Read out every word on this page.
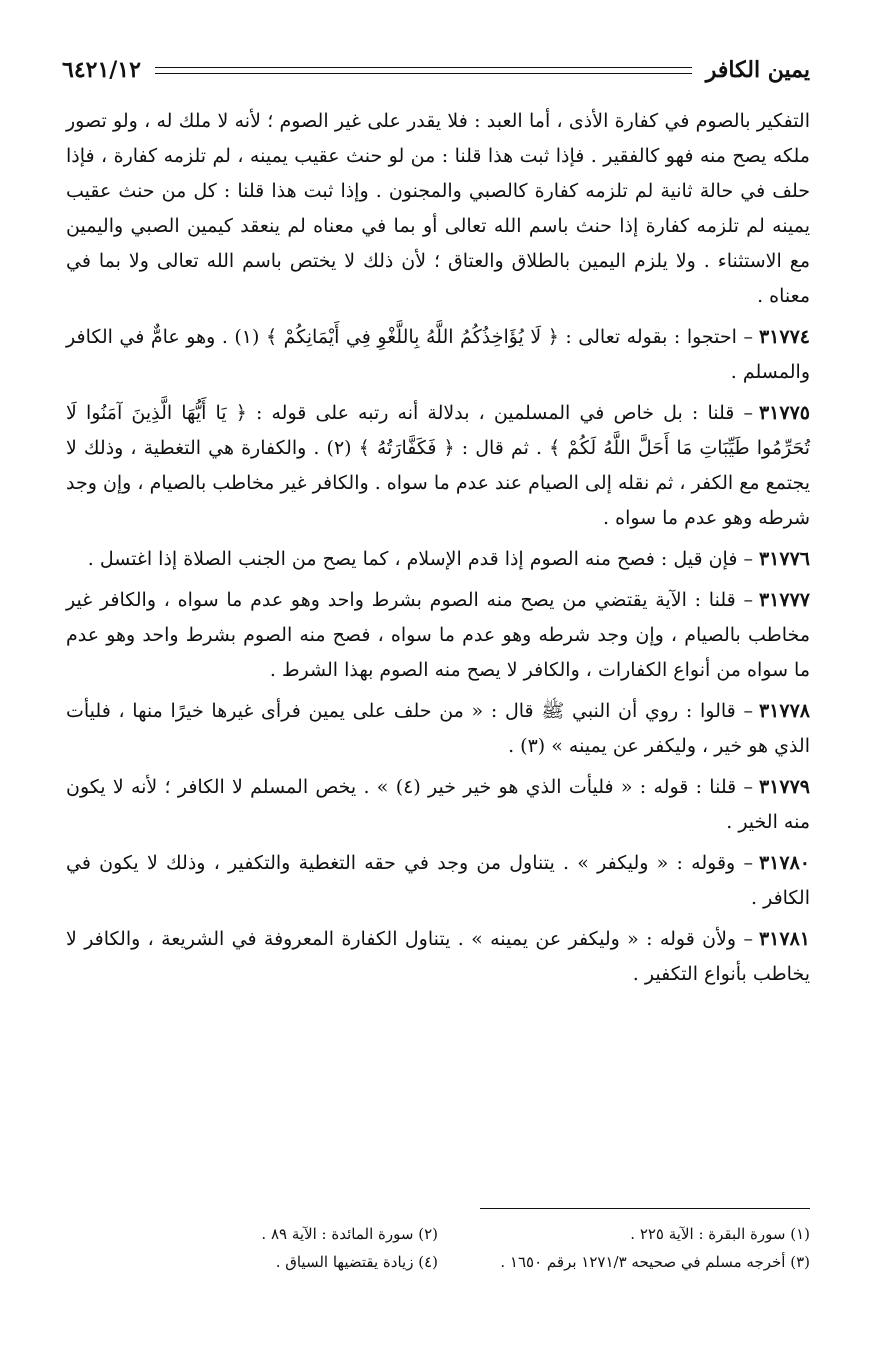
يمين الكافر
٦٤٢١/١٢

التفكير بالصوم في كفارة الأذى ، أما العبد : فلا يقدر على غير الصوم ؛ لأنه لا ملك له ، ولو تصور ملكه يصح منه فهو كالفقير . فإذا ثبت هذا قلنا : من لو حنث عقيب يمينه ، لم تلزمه كفارة ، فإذا حلف في حالة ثانية لم تلزمه كفارة كالصبي والمجنون . وإذا ثبت هذا قلنا : كل من حنث عقيب يمينه لم تلزمه كفارة إذا حنث باسم الله تعالى أو بما في معناه لم ينعقد كيمين الصبي واليمين مع الاستثناء . ولا يلزم اليمين بالطلاق والعتاق ؛ لأن ذلك لا يختص باسم الله تعالى ولا بما في معناه .

٣١٧٧٤– احتجوا : بقوله تعالى : ﴿ لَا يُؤَاخِذُكُمُ اللَّهُ بِاللَّغْوِ فِي أَيْمَانِكُمْ ﴾ (١) . وهو عامٌّ في الكافر والمسلم .

٣١٧٧٥– قلنا : بل خاص في المسلمين ، بدلالة أنه رتبه على قوله : ﴿ يَا أَيُّهَا الَّذِينَ آمَنُوا لَا تُحَرِّمُوا طَيِّبَاتِ مَا أَحَلَّ اللَّهُ لَكُمْ ﴾ . ثم قال : ﴿ فَكَفَّارَتُهُ ﴾ (٢) . والكفارة هي التغطية ، وذلك لا يجتمع مع الكفر ، ثم نقله إلى الصيام عند عدم ما سواه . والكافر غير مخاطب بالصيام ، وإن وجد شرطه وهو عدم ما سواه .

٣١٧٧٦– فإن قيل : فصح منه الصوم إذا قدم الإسلام ، كما يصح من الجنب الصلاة إذا اغتسل .

٣١٧٧٧– قلنا : الآية يقتضي من يصح منه الصوم بشرط واحد وهو عدم ما سواه ، والكافر غير مخاطب بالصيام ، وإن وجد شرطه وهو عدم ما سواه ، فصح منه الصوم بشرط واحد وهو عدم ما سواه من أنواع الكفارات ، والكافر لا يصح منه الصوم بهذا الشرط .

٣١٧٧٨– قالوا : روي أن النبي ﷺ قال : « من حلف على يمين فرأى غيرها خيرًا منها ، فليأت الذي هو خير ، وليكفر عن يمينه » (٣) .

٣١٧٧٩– قلنا : قوله : « فليأت الذي هو خير خير (٤) » . يخص المسلم لا الكافر ؛ لأنه لا يكون منه الخير .

٣١٧٨٠– وقوله : « وليكفر » . يتناول من وجد في حقه التغطية والتكفير ، وذلك لا يكون في الكافر .

٣١٧٨١– ولأن قوله : « وليكفر عن يمينه » . يتناول الكفارة المعروفة في الشريعة ، والكافر لا يخاطب بأنواع التكفير .

(١) سورة البقرة : الآية ٢٢٥ .
(٢) سورة المائدة : الآية ٨٩ .
(٣) أخرجه مسلم في صحيحه ١٢٧١/٣ برقم ١٦٥٠ .
(٤) زيادة يقتضيها السياق .
